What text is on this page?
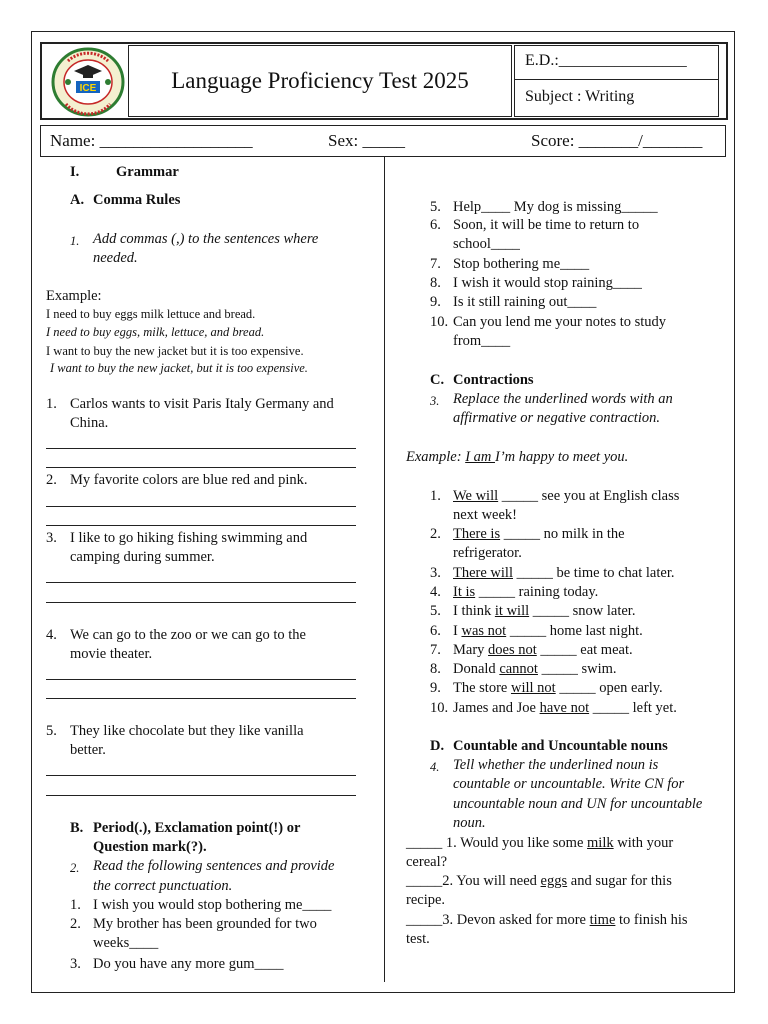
ICE	Language Proficiency Test 2025
E.D.:________________
Subject : Writing
Name: __________________	Sex: _____	Score: _______/_______
I.	Grammar
A. Comma Rules
1. Add commas (,) to the sentences where
needed.
Example:
I need to buy eggs milk lettuce and bread.
I need to buy eggs, milk, lettuce, and bread.
I want to buy the new jacket but it is too expensive.
I want to buy the new jacket, but it is too expensive.
1. Carlos wants to visit Paris Italy Germany and
China.
2. My favorite colors are blue red and pink.
3. I like to go hiking fishing swimming and
camping during summer.
4. We can go to the zoo or we can go to the
movie theater.
5. They like chocolate but they like vanilla
better.
B. Period(.), Exclamation point(!) or
Question mark(?).
2. Read the following sentences and provide
the correct punctuation.
1. I wish you would stop bothering me____
2. My brother has been grounded for two
weeks____
3. Do you have any more gum____
5. Help____ My dog is missing_____
6. Soon, it will be time to return to
school____
7. Stop bothering me____
8. I wish it would stop raining____
9. Is it still raining out____
10. Can you lend me your notes to study
from____
C. Contractions
3. Replace the underlined words with an
affirmative or negative contraction.
Example: I am I’m happy to meet you.
1. We will _____ see you at English class
next week!
2. There is _____ no milk in the
refrigerator.
3. There will _____ be time to chat later.
4. It is _____ raining today.
5. I think it will _____ snow later.
6. I was not _____ home last night.
7. Mary does not _____ eat meat.
8. Donald cannot _____ swim.
9. The store will not _____ open early.
10. James and Joe have not _____ left yet.
D. Countable and Uncountable nouns
4. Tell whether the underlined noun is
countable or uncountable. Write CN for
uncountable noun and UN for uncountable
noun.
_____ 1. Would you like some milk with your
cereal?
_____2. You will need eggs and sugar for this
recipe.
_____3. Devon asked for more time to finish his
test.
